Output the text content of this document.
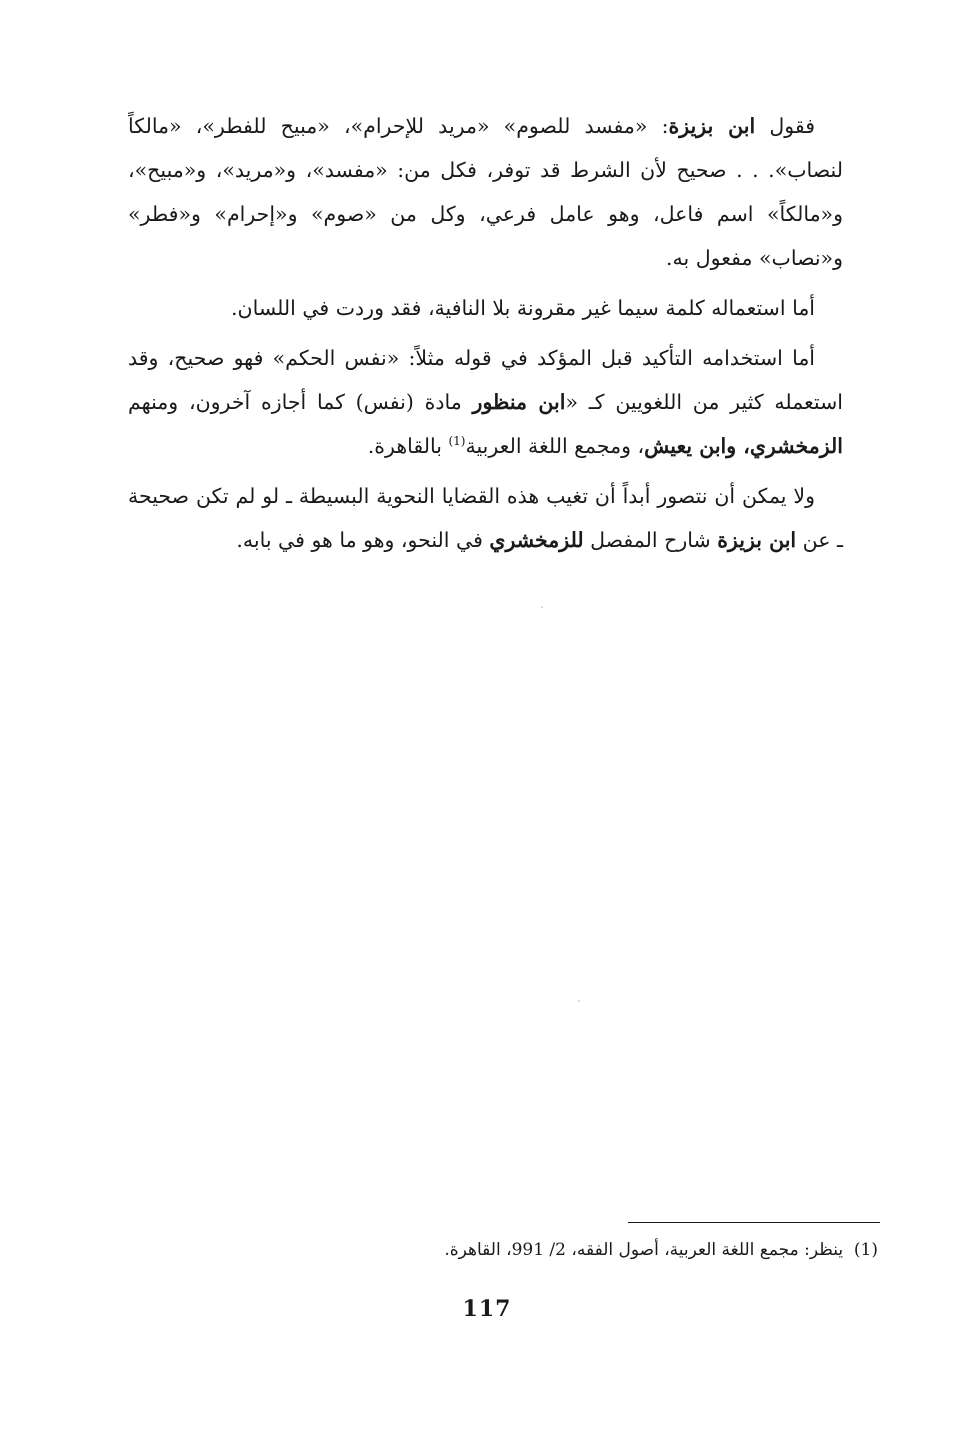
فقول ابن بزيزة: «مفسد للصوم» «مريد للإحرام»، «مبيح للفطر»، «مالكاً لنصاب». . . صحيح لأن الشرط قد توفر، فكل من: «مفسد»، و«مريد»، و«مبيح»، و«مالكاً» اسم فاعل، وهو عامل فرعي، وكل من «صوم» و«إحرام» و«فطر» و«نصاب» مفعول به.

أما استعماله كلمة سيما غير مقرونة بلا النافية، فقد وردت في اللسان.

أما استخدامه التأكيد قبل المؤكد في قوله مثلاً: «نفس الحكم» فهو صحيح، وقد استعمله كثير من اللغويين كـ «ابن منظور مادة (نفس) كما أجازه آخرون، ومنهم الزمخشري، وابن يعيش، ومجمع اللغة العربية$^{(1)}$ بالقاهرة.

ولا يمكن أن نتصور أبداً أن تغيب هذه القضايا النحوية البسيطة ـ لو لم تكن صحيحة ـ عن ابن بزيزة شارح المفصل للزمخشري في النحو، وهو ما هو في بابه.

(1)  ينظر: مجمع اللغة العربية، أصول الفقه، 2/ 991، القاهرة.
117
